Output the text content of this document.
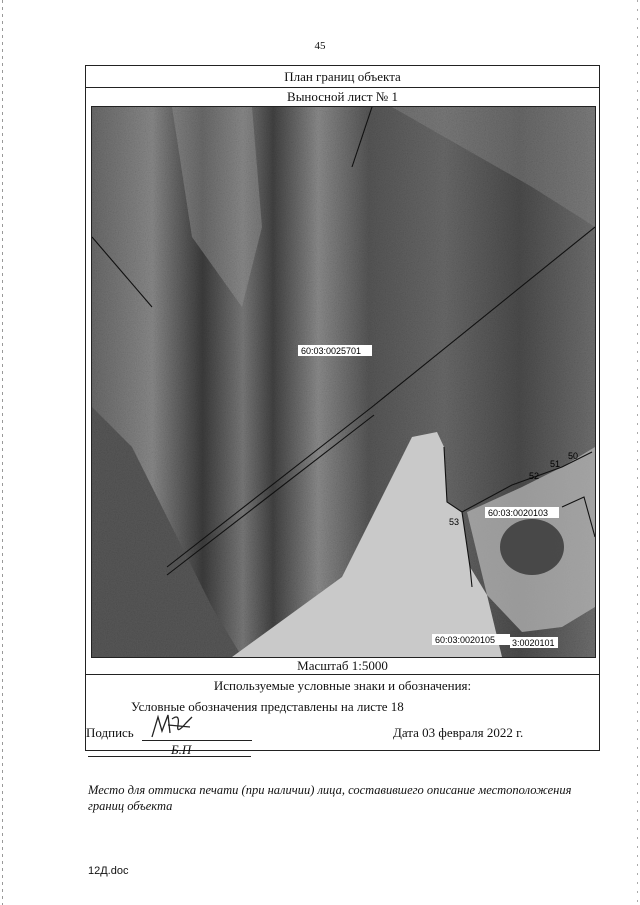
45
План границ объекта
Выносной лист № 1
60:03:0025701
60:03:0020103
60:03:0020105 3:0020101
50
51
52
53
Масштаб 1:5000
Используемые условные знаки и обозначения:
Условные обозначения представлены на листе 18
Подпись	Дата 03 февраля 2022 г.
Б.П
Место для оттиска печати (при наличии) лица, составившего описание местоположения границ объекта
12Д.doc
